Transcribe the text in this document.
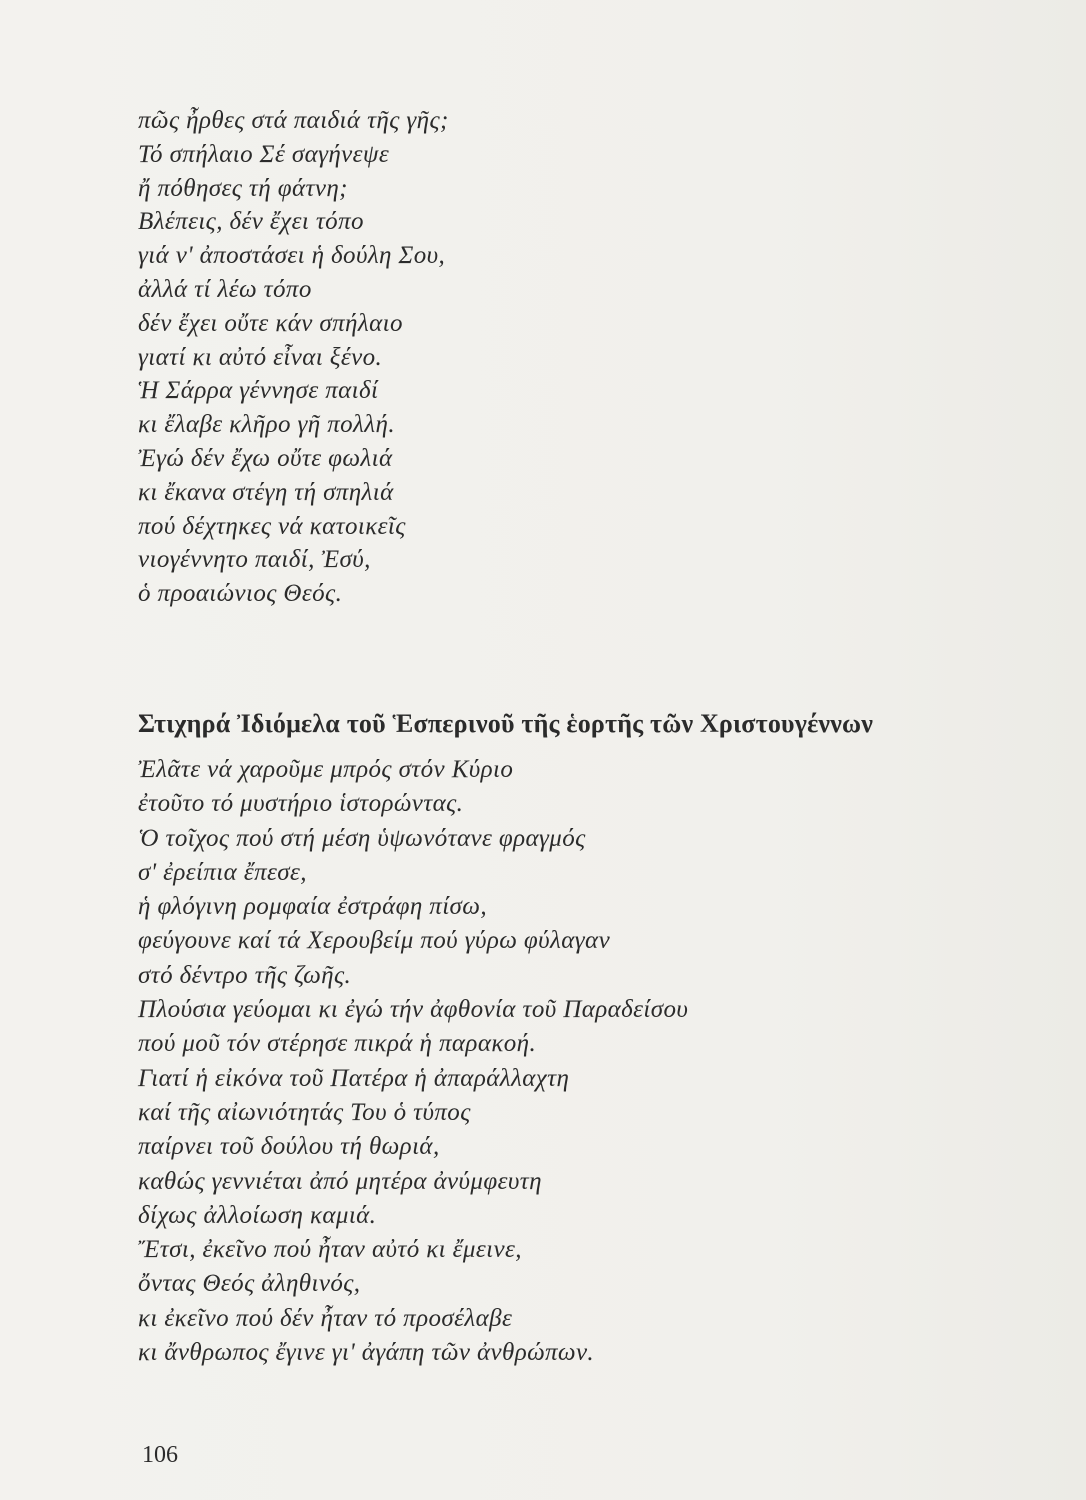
πῶς ἦρθες στά παιδιά τῆς γῆς;
Τό σπήλαιο Σέ σαγήνεψε
ἤ πόθησες τή φάτνη;
Βλέπεις, δέν ἔχει τόπο
γιά ν' ἀποστάσει ἡ δούλη Σου,
ἀλλά τί λέω τόπο
δέν ἔχει οὔτε κάν σπήλαιο
γιατί κι αὐτό εἶναι ξένο.
Ἡ Σάρρα γέννησε παιδί
κι ἔλαβε κλῆρο γῆ πολλή.
Ἐγώ δέν ἔχω οὔτε φωλιά
κι ἔκανα στέγη τή σπηλιά
πού δέχτηκες νά κατοικεῖς
νιογέννητο παιδί, Ἐσύ,
ὁ προαιώνιος Θεός.
Στιχηρά Ἰδιόμελα τοῦ Ἑσπερινοῦ τῆς ἑορτῆς τῶν Χριστουγέννων
Ἐλᾶτε νά χαροῦμε μπρός στόν Κύριο
ἐτοῦτο τό μυστήριο ἱστορώντας.
Ὁ τοῖχος πού στή μέση ὑψωνότανε φραγμός
σ' ἐρείπια ἔπεσε,
ἡ φλόγινη ρομφαία ἐστράφη πίσω,
φεύγουνε καί τά Χερουβείμ πού γύρω φύλαγαν
στό δέντρο τῆς ζωῆς.
Πλούσια γεύομαι κι ἐγώ τήν ἀφθονία τοῦ Παραδείσου
πού μοῦ τόν στέρησε πικρά ἡ παρακοή.
Γιατί ἡ εἰκόνα τοῦ Πατέρα ἡ ἀπαράλλαχτη
καί τῆς αἰωνιότητάς Του ὁ τύπος
παίρνει τοῦ δούλου τή θωριά,
καθώς γεννιέται ἀπό μητέρα ἀνύμφευτη
δίχως ἀλλοίωση καμιά.
Ἔτσι, ἐκεῖνο πού ἦταν αὐτό κι ἔμεινε,
ὄντας Θεός ἀληθινός,
κι ἐκεῖνο πού δέν ἦταν τό προσέλαβε
κι ἄνθρωπος ἔγινε γι' ἀγάπη τῶν ἀνθρώπων.
106
